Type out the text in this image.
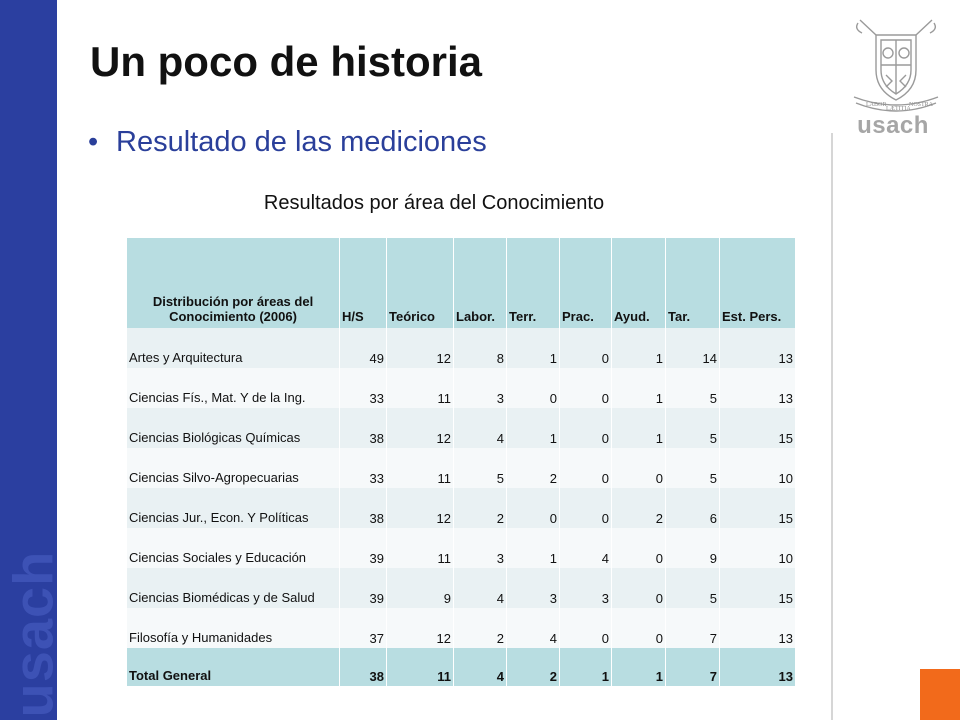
usach
Un poco de historia
• Resultado de las mediciones
Resultados por área del Conocimiento
LABOR
LÆTITIA
NOSTRA
usach
Distribución por áreas del Conocimiento (2006)	H/S	Teórico	Labor.	Terr.	Prac.	Ayud.	Tar.	Est. Pers.
Artes y Arquitectura	49	12	8	1	0	1	14	13
Ciencias Fís., Mat. Y de la Ing.	33	11	3	0	0	1	5	13
Ciencias Biológicas Químicas	38	12	4	1	0	1	5	15
Ciencias Silvo-Agropecuarias	33	11	5	2	0	0	5	10
Ciencias Jur., Econ. Y Políticas	38	12	2	0	0	2	6	15
Ciencias Sociales y Educación	39	11	3	1	4	0	9	10
Ciencias Biomédicas y de Salud	39	9	4	3	3	0	5	15
Filosofía y Humanidades	37	12	2	4	0	0	7	13
Total General	38	11	4	2	1	1	7	13
